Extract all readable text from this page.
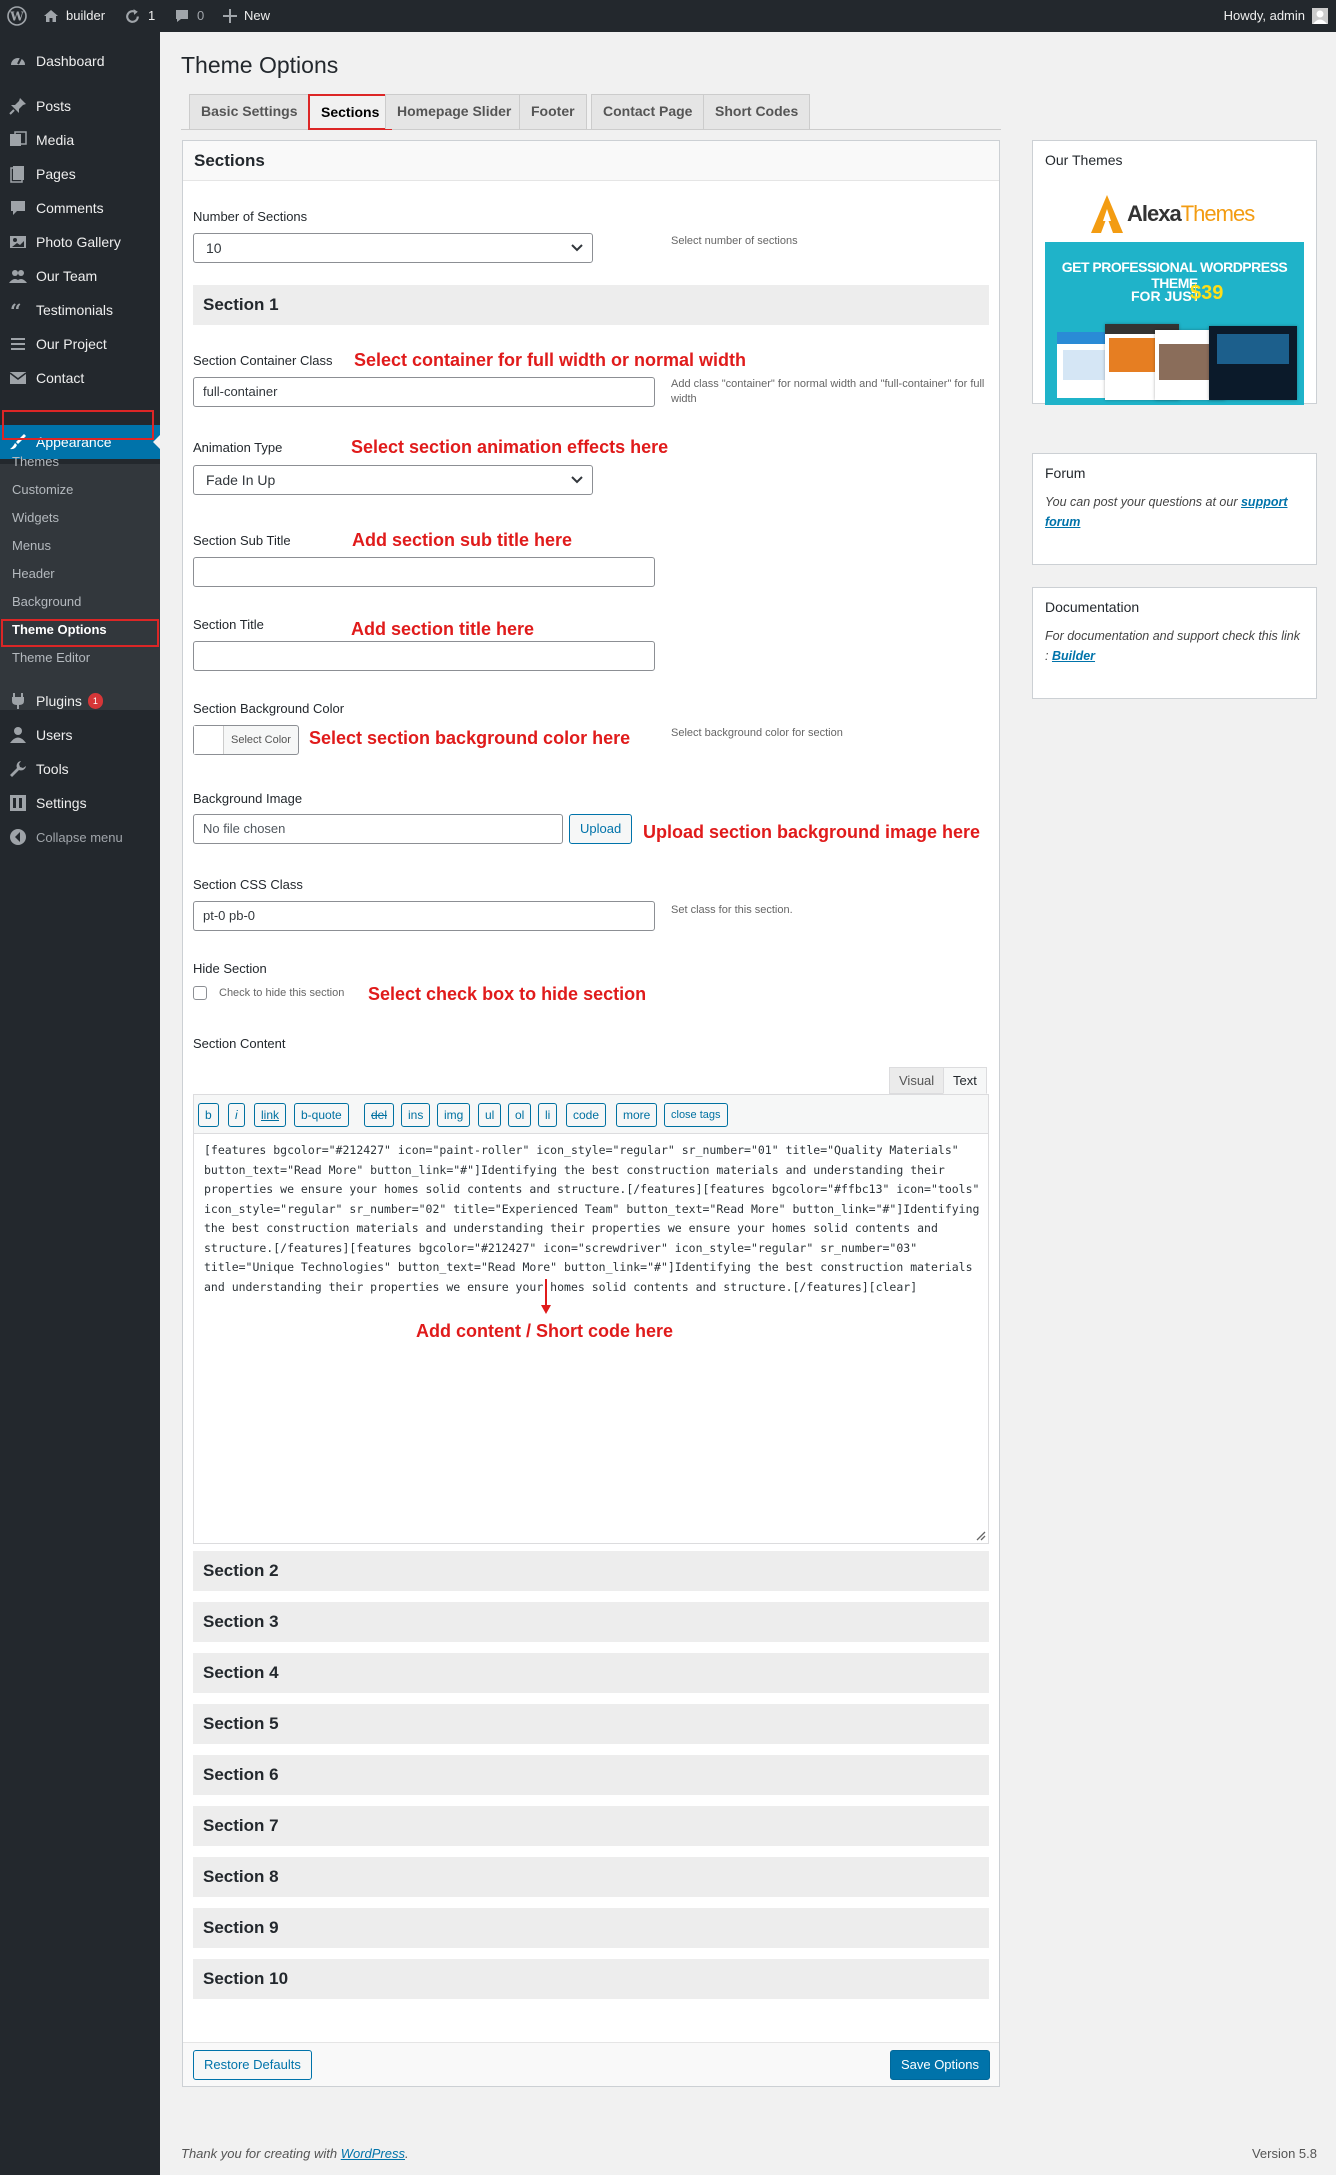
W	builder	1	0	New	Howdy, admin
Dashboard
Posts
Media
Pages
Comments
Photo Gallery
Our Team
“ Testimonials
Our Project
Contact
Appearance
Themes
Customize
Widgets
Menus
Header
Background
Theme Options
Theme Editor
Plugins	1
Users
Tools
Settings
Collapse menu
Theme Options
Basic Settings	Sections	Homepage Slider	Footer	Contact Page	Short Codes
Sections
Number of Sections
10	Select number of sections
Section 1
Section Container Class Select container for full width or normal width
full-container	Add class "container" for normal width and "full-container" for full width
Animation Type	Select section animation effects here
Fade In Up
Section Sub Title	Add section sub title here
Section Title	Add section title here
Section Background Color
Select Color	Select section background color here	Select background color for section
Background Image
No file chosen	Upload	Upload section background image here
Section CSS Class
pt-0 pb-0	Set class for this section.
Hide Section
Check to hide this section Select check box to hide section
Section Content
Visual	Text
b	i	link	b-quote	del	ins	img	ul	ol	li	code	more	close tags
[features bgcolor="#212427" icon="paint-roller" icon_style="regular" sr_number="01" title="Quality Materials" button_text="Read More" button_link="#"]Identifying the best construction materials and understanding their properties we ensure your homes solid contents and structure.[/features][features bgcolor="#ffbc13" icon="tools" icon_style="regular" sr_number="02" title="Experienced Team" button_text="Read More" button_link="#"]Identifying the best construction materials and understanding their properties we ensure your homes solid contents and structure.[/features][features bgcolor="#212427" icon="screwdriver" icon_style="regular" sr_number="03" title="Unique Technologies" button_text="Read More" button_link="#"]Identifying the best construction materials and understanding their properties we ensure your homes solid contents and structure.[/features][clear]
Add content / Short code here
Section 2
Section 3
Section 4
Section 5
Section 6
Section 7
Section 8
Section 9
Section 10
Restore Defaults	Save Options
Our Themes
Alexa Themes
GET PROFESSIONAL WORDPRESS THEME
FOR JUST
$39
Forum

You can post your questions at our support forum

Documentation

For documentation and support check this link : Builder

Thank you for creating with WordPress.	Version 5.8
